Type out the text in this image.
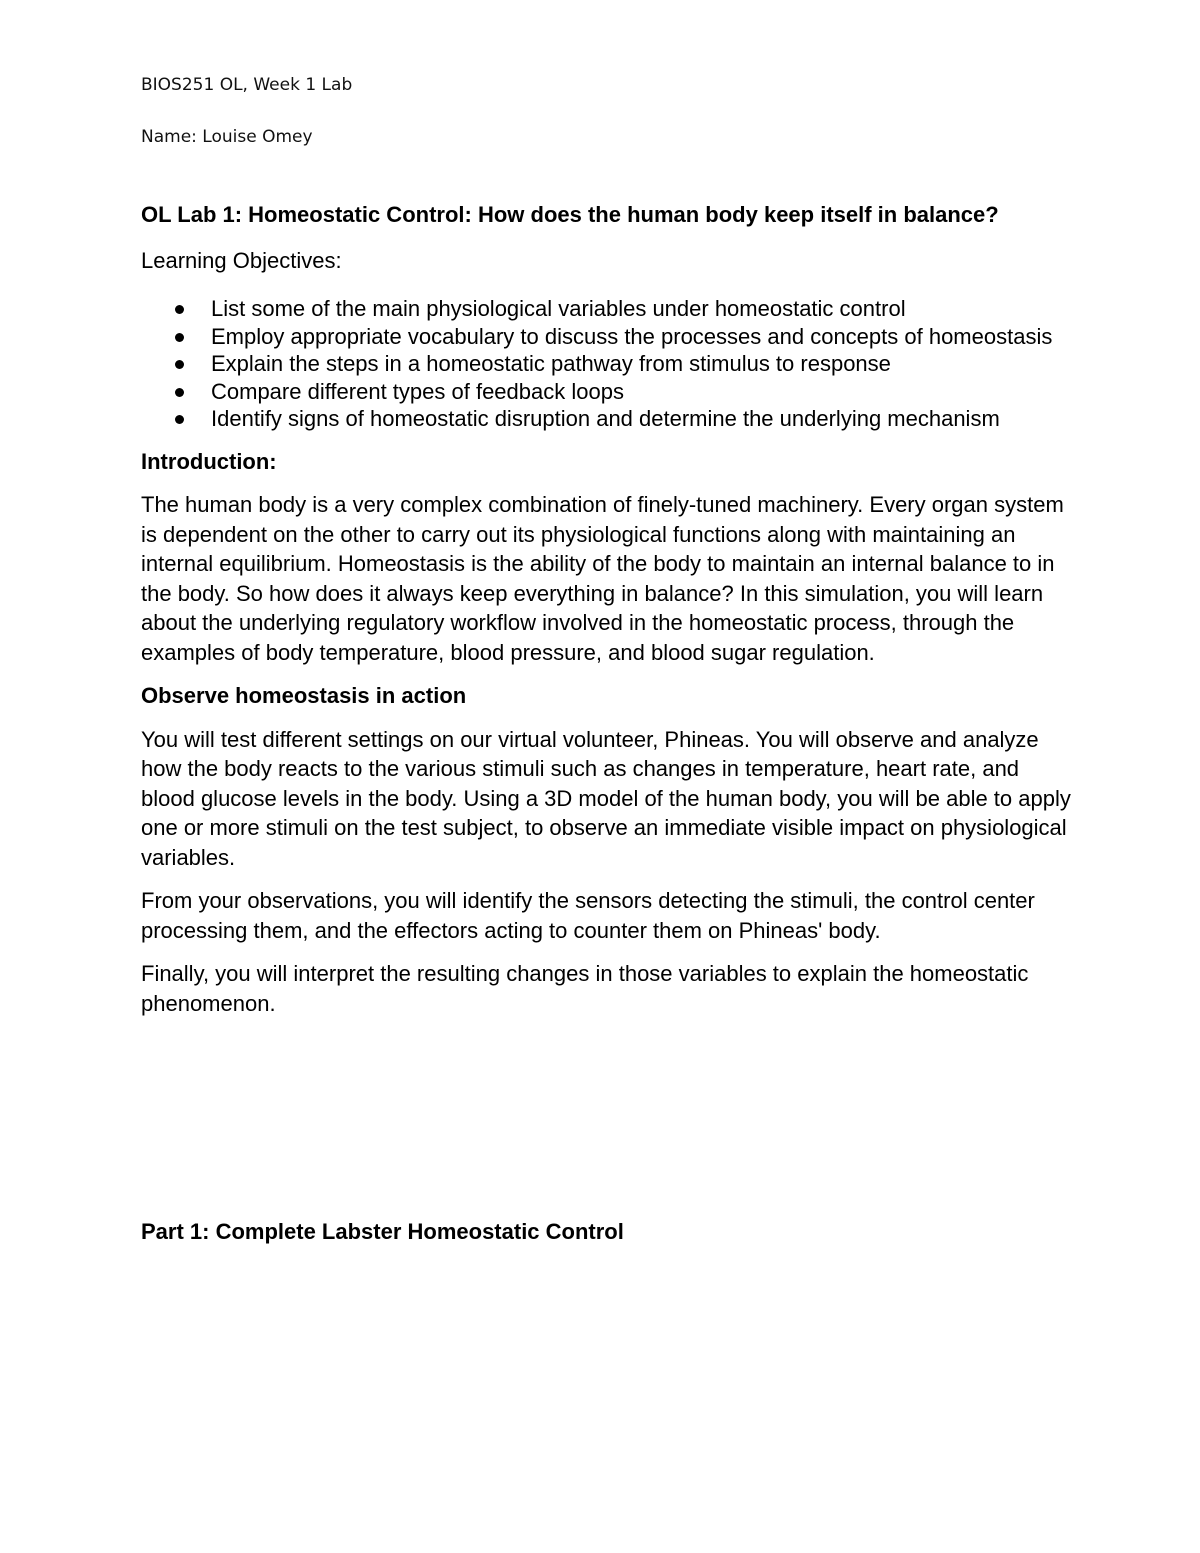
BIOS251 OL, Week 1 Lab
Name: Louise Omey
OL Lab 1: Homeostatic Control: How does the human body keep itself in balance?
Learning Objectives:
List some of the main physiological variables under homeostatic control
Employ appropriate vocabulary to discuss the processes and concepts of homeostasis
Explain the steps in a homeostatic pathway from stimulus to response
Compare different types of feedback loops
Identify signs of homeostatic disruption and determine the underlying mechanism
Introduction:
The human body is a very complex combination of finely-tuned machinery. Every organ system is dependent on the other to carry out its physiological functions along with maintaining an internal equilibrium. Homeostasis is the ability of the body to maintain an internal balance to in the body. So how does it always keep everything in balance? In this simulation, you will learn about the underlying regulatory workflow involved in the homeostatic process, through the examples of body temperature, blood pressure, and blood sugar regulation.
Observe homeostasis in action
You will test different settings on our virtual volunteer, Phineas. You will observe and analyze how the body reacts to the various stimuli such as changes in temperature, heart rate, and blood glucose levels in the body. Using a 3D model of the human body, you will be able to apply one or more stimuli on the test subject, to observe an immediate visible impact on physiological variables.
From your observations, you will identify the sensors detecting the stimuli, the control center processing them, and the effectors acting to counter them on Phineas' body.
Finally, you will interpret the resulting changes in those variables to explain the homeostatic phenomenon.
Part 1: Complete Labster Homeostatic Control
